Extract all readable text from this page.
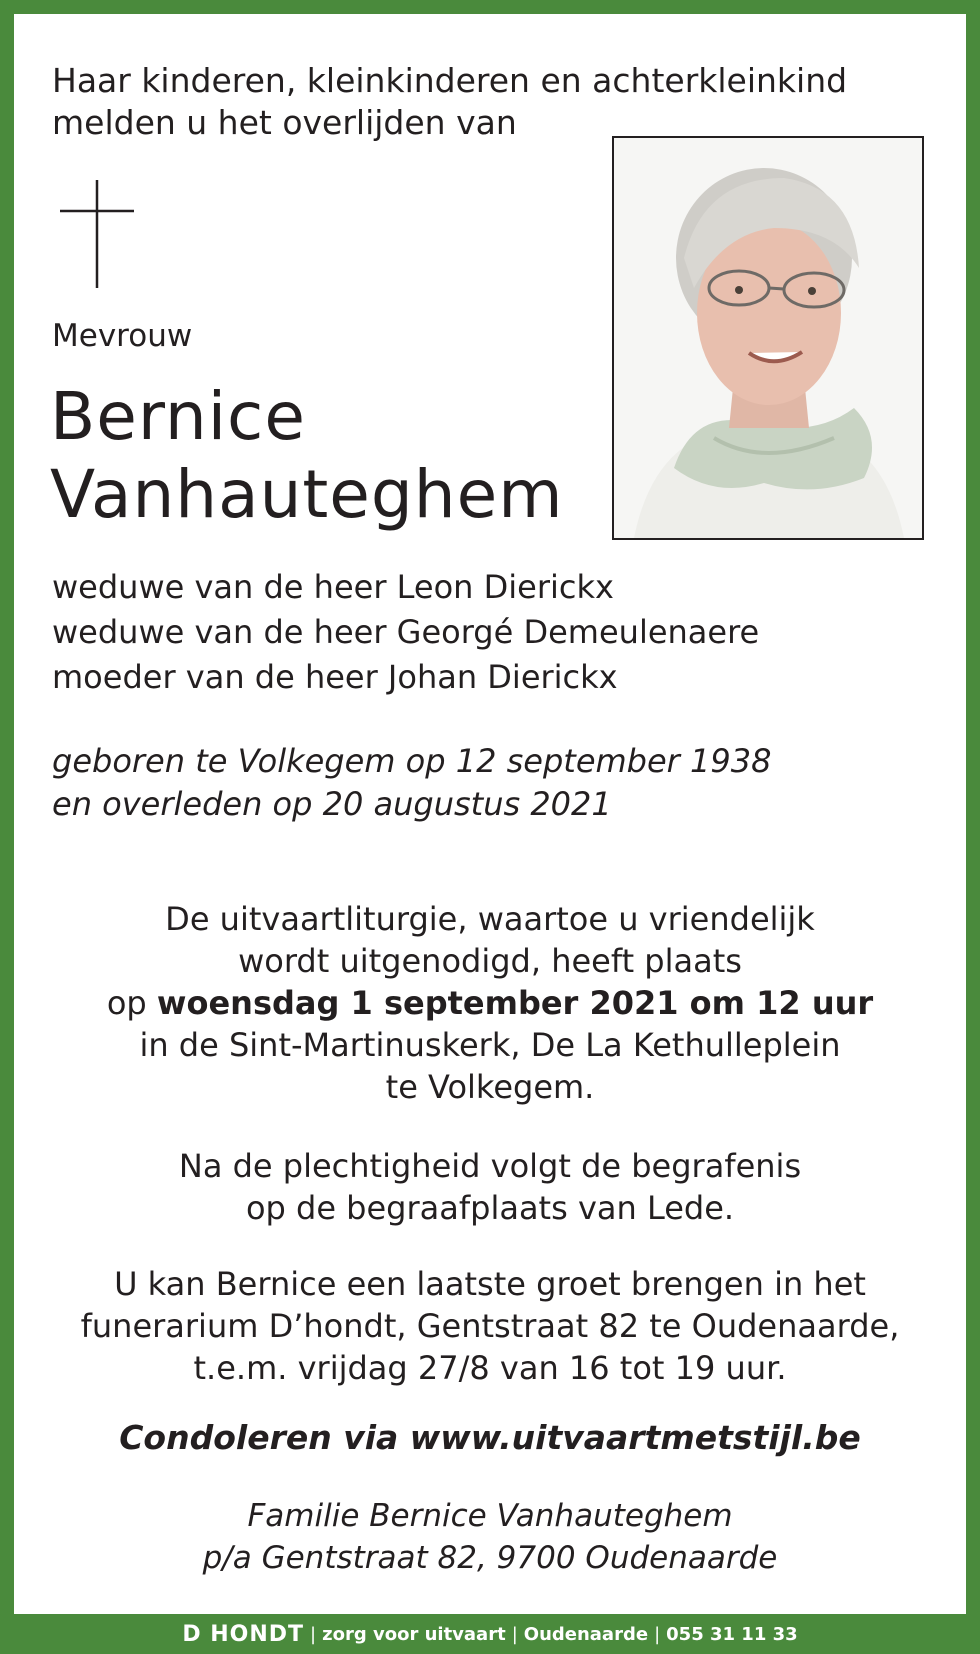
Haar kinderen, kleinkinderen en achterkleinkind
melden u het overlijden van
Mevrouw
Bernice
Vanhauteghem
weduwe van de heer Leon Dierickx
weduwe van de heer Georgé Demeulenaere
moeder van de heer Johan Dierickx
geboren te Volkegem op 12 september 1938
en overleden op 20 augustus 2021
De uitvaartliturgie, waartoe u vriendelijk
wordt uitgenodigd, heeft plaats
op woensdag 1 september 2021 om 12 uur
in de Sint-Martinuskerk, De La Kethulleplein
te Volkegem.
Na de plechtigheid volgt de begrafenis
op de begraafplaats van Lede.
U kan Bernice een laatste groet brengen in het
funerarium D’hondt, Gentstraat 82 te Oudenaarde,
t.e.m. vrijdag 27/8 van 16 tot 19 uur.
Condoleren via www.uitvaartmetstijl.be
Familie Bernice Vanhauteghem
p/a Gentstraat 82, 9700 Oudenaarde
D HONDT | zorg voor uitvaart | Oudenaarde | 055 31 11 33
